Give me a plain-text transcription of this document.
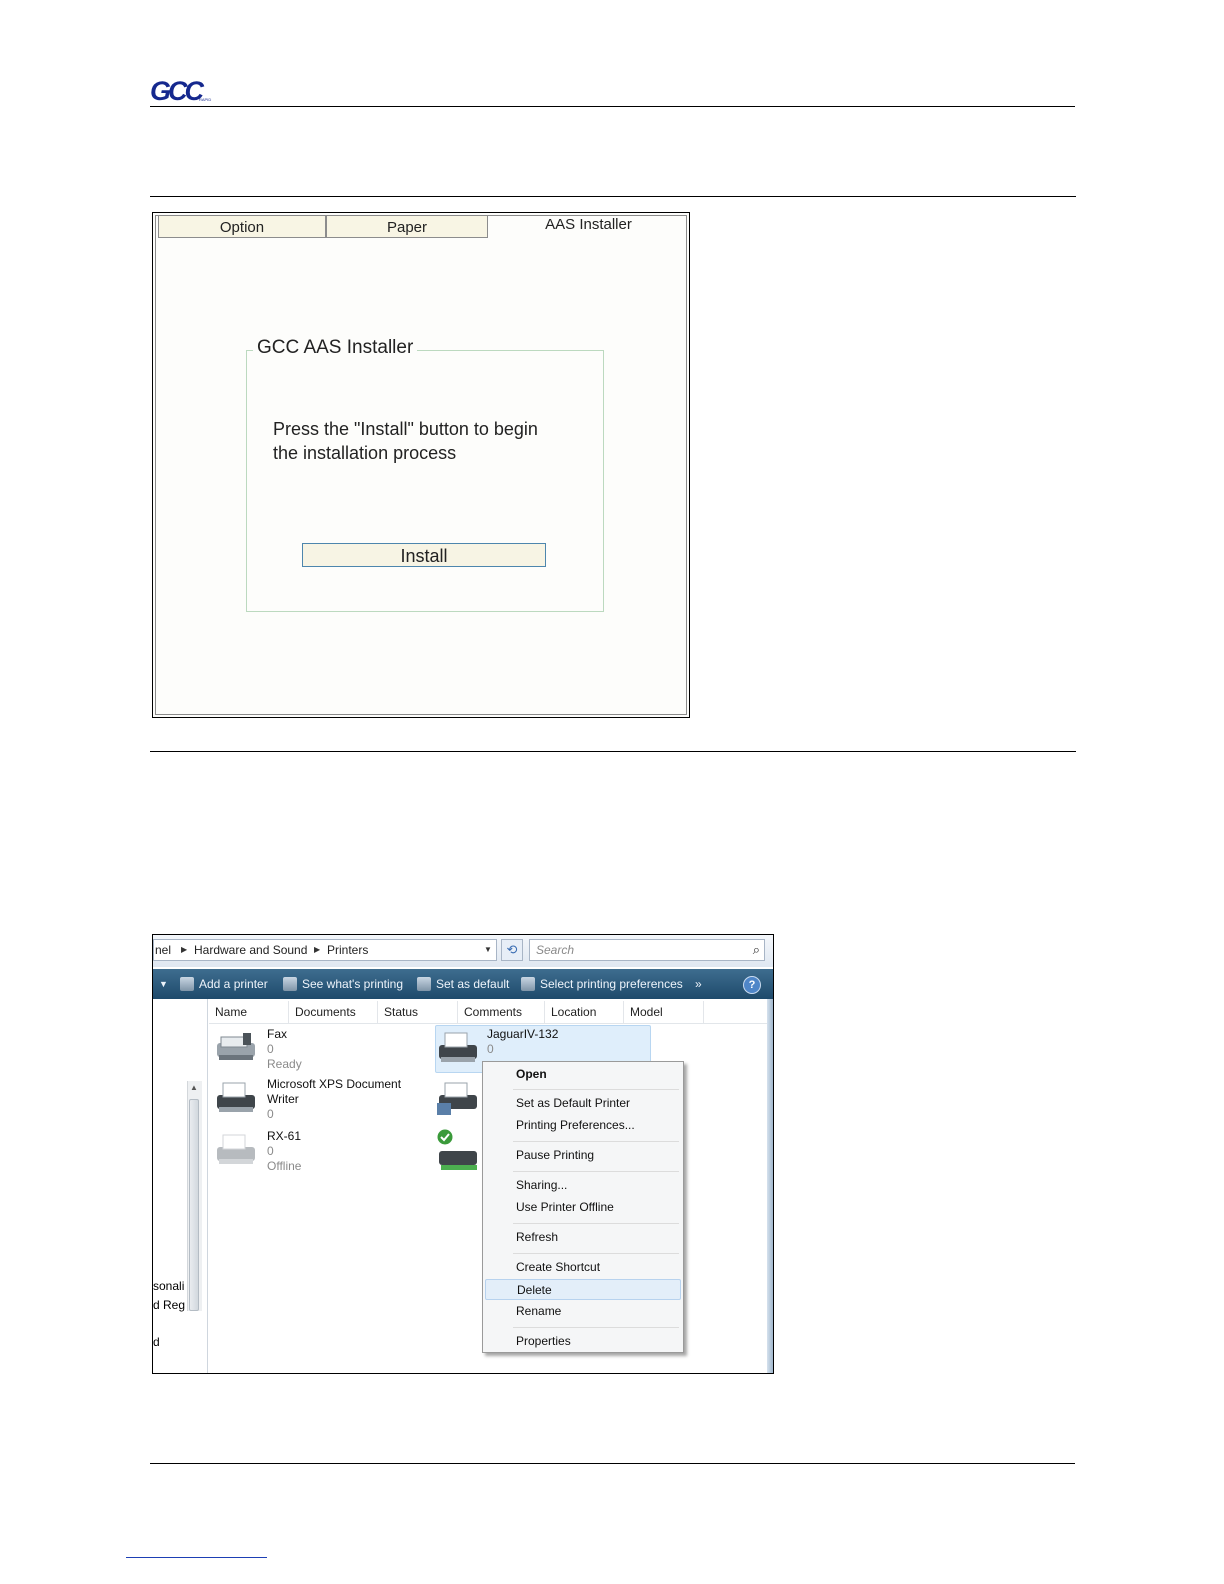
GCC
RAPID
Option	Paper	AAS Installer
GCC AAS Installer
Press the "Install" button to begin
the installation process
Install
nel ▶ Hardware and Sound ▶ Printers	▼	⟲	Search	⌕
▼	Add a printer	See what's printing	Set as default	Select printing preferences »	?
sonali
d Reg
d
▲
Name	Documents	Status	Comments	Location	Model
Fax
0
Ready
Microsoft XPS Document
Writer
0
RX-61
0
Offline
JaguarIV-132
0
Open
Set as Default Printer
Printing Preferences...
Pause Printing
Sharing...
Use Printer Offline
Refresh
Create Shortcut
Delete
Rename
Properties
